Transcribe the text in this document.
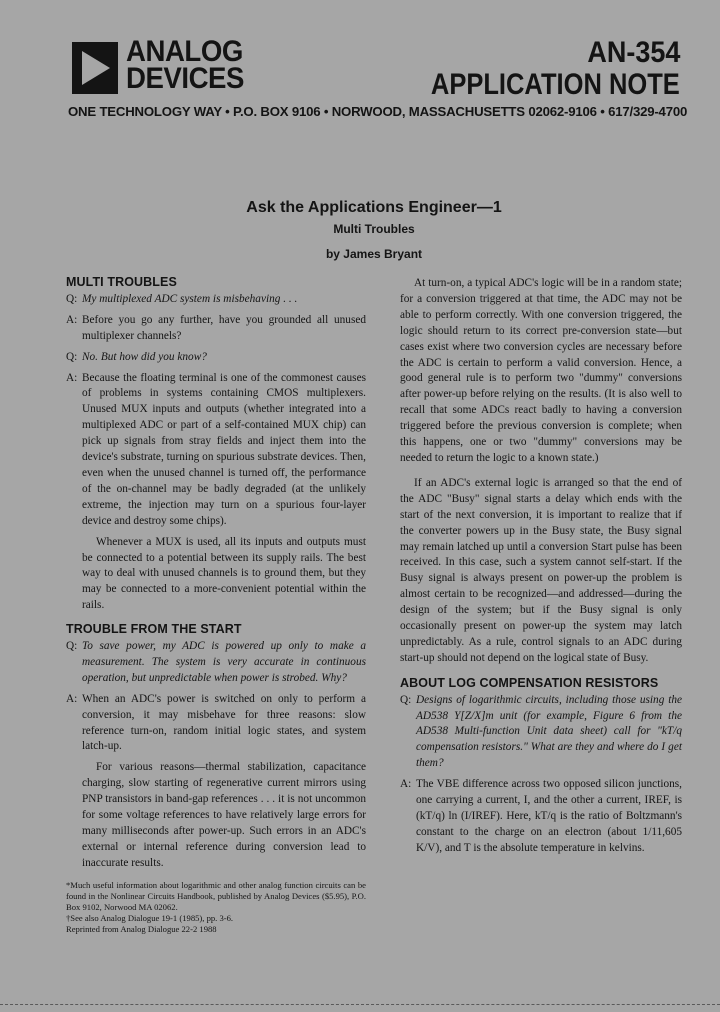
ANALOG
DEVICES
AN-354
APPLICATION NOTE
ONE TECHNOLOGY WAY • P.O. BOX 9106 • NORWOOD, MASSACHUSETTS 02062-9106 • 617/329-4700
Ask the Applications Engineer—1
Multi Troubles
by James Bryant
MULTI TROUBLES
Q: My multiplexed ADC system is misbehaving . . .
A: Before you go any further, have you grounded all unused multiplexer channels?
Q: No. But how did you know?
A: Because the floating terminal is one of the commonest causes of problems in systems containing CMOS multiplexers. Unused MUX inputs and outputs (whether integrated into a multiplexed ADC or part of a self-contained MUX chip) can pick up signals from stray fields and inject them into the device's substrate, turning on spurious substrate devices. Then, even when the unused channel is turned off, the performance of the on-channel may be badly degraded (at the unlikely extreme, the injection may turn on a spurious four-layer device and destroy some chips).

Whenever a MUX is used, all its inputs and outputs must be connected to a potential between its supply rails. The best way to deal with unused channels is to ground them, but they may be connected to a more-convenient potential within the rails.

TROUBLE FROM THE START
Q: To save power, my ADC is powered up only to make a measurement. The system is very accurate in continuous operation, but unpredictable when power is strobed. Why?
A: When an ADC's power is switched on only to perform a conversion, it may misbehave for three reasons: slow reference turn-on, random initial logic states, and system latch-up.

For various reasons—thermal stabilization, capacitance charging, slow starting of regenerative current mirrors using PNP transistors in band-gap references . . . it is not uncommon for some voltage references to have relatively large errors for many milliseconds after power-up. Such errors in an ADC's external or internal reference during conversion lead to inaccurate results.

*Much useful information about logarithmic and other analog function circuits can be found in the Nonlinear Circuits Handbook, published by Analog Devices ($5.95), P.O. Box 9102, Norwood MA 02062.

†See also Analog Dialogue 19-1 (1985), pp. 3-6.

Reprinted from Analog Dialogue 22-2 1988

At turn-on, a typical ADC's logic will be in a random state; for a conversion triggered at that time, the ADC may not be able to perform correctly. With one conversion triggered, the logic should return to its correct pre-conversion state—but cases exist where two conversion cycles are necessary before the ADC is certain to perform a valid conversion. Hence, a good general rule is to perform two "dummy" conversions after power-up before relying on the results. (It is also well to recall that some ADCs react badly to having a conversion triggered before the previous conversion is complete; when this happens, one or two "dummy" conversions may be needed to return the logic to a known state.)

If an ADC's external logic is arranged so that the end of the ADC "Busy" signal starts a delay which ends with the start of the next conversion, it is important to realize that if the converter powers up in the Busy state, the Busy signal may remain latched up until a conversion Start pulse has been received. In this case, such a system cannot self-start. If the Busy signal is always present on power-up the problem is almost certain to be recognized—and addressed—during the design of the system; but if the Busy signal is only occasionally present on power-up the system may latch unpredictably. As a rule, control signals to an ADC during start-up should not depend on the logical state of Busy.

ABOUT LOG COMPENSATION RESISTORS
Q: Designs of logarithmic circuits, including those using the AD538 Y[Z/X]m unit (for example, Figure 6 from the AD538 Multi-function Unit data sheet) call for "kT/q compensation resistors." What are they and where do I get them?
A: The VBE difference across two opposed silicon junctions, one carrying a current, I, and the other a current, IREF, is (kT/q) ln (I/IREF). Here, kT/q is the ratio of Boltzmann's constant to the charge on an electron (about 1/11,605 K/V), and T is the absolute temperature in kelvins.
